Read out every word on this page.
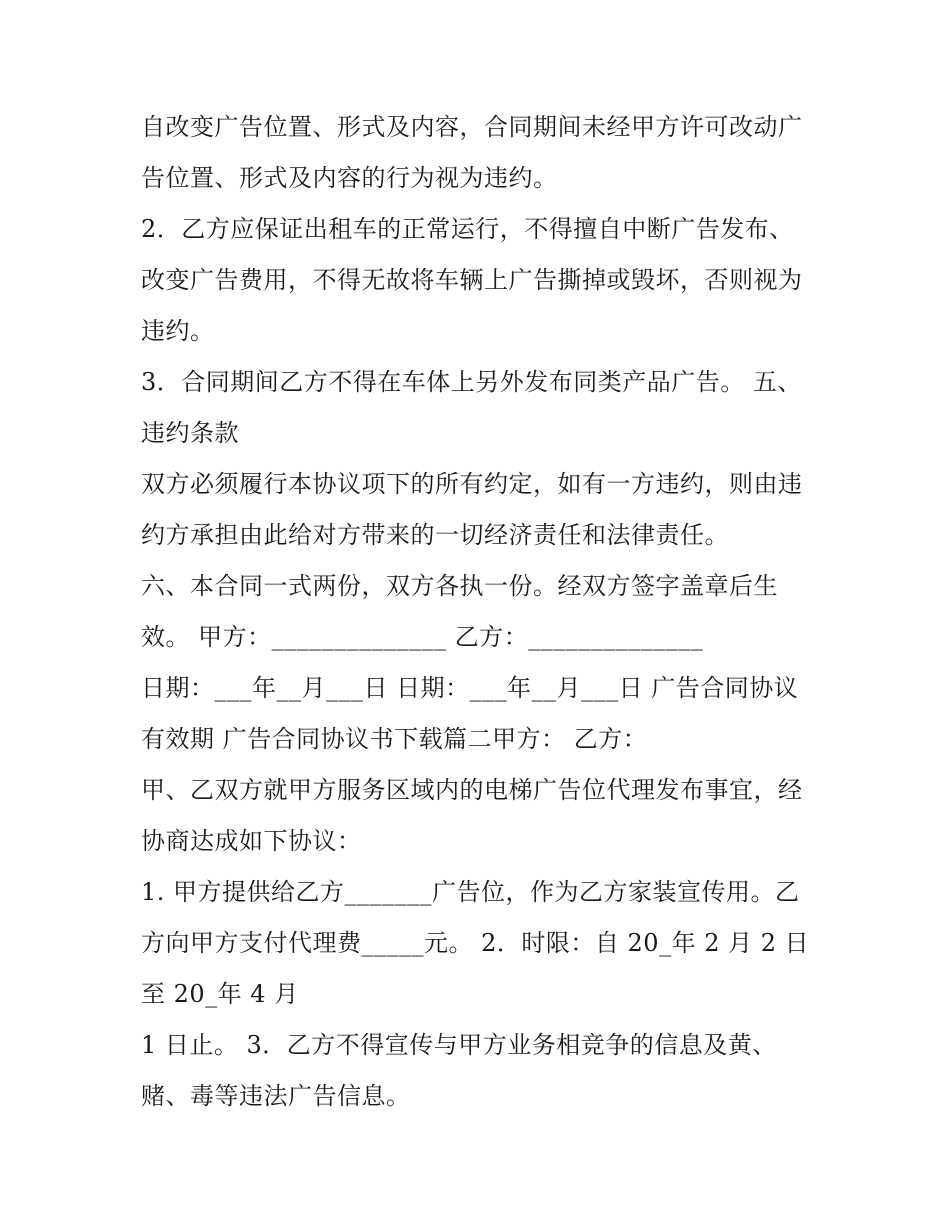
自改变广告位置、形式及内容，合同期间未经甲方许可改动广
告位置、形式及内容的行为视为违约。
2．乙方应保证出租车的正常运行，不得擅自中断广告发布、
改变广告费用，不得无故将车辆上广告撕掉或毁坏，否则视为
违约。
3．合同期间乙方不得在车体上另外发布同类产品广告。 五、
违约条款
双方必须履行本协议项下的所有约定，如有一方违约，则由违
约方承担由此给对方带来的一切经济责任和法律责任。
六、本合同一式两份，双方各执一份。经双方签字盖章后生
效。 甲方：______________ 乙方：______________
日期：___年__月___日 日期：___年__月___日 广告合同协议
有效期 广告合同协议书下载篇二甲方： 乙方：
甲、乙双方就甲方服务区域内的电梯广告位代理发布事宜，经
协商达成如下协议：
1. 甲方提供给乙方_______广告位，作为乙方家装宣传用。乙
方向甲方支付代理费_____元。 2．时限：自 20_年 2 月 2 日
至 20_年 4 月
1 日止。 3．乙方不得宣传与甲方业务相竞争的信息及黄、
赌、毒等违法广告信息。
